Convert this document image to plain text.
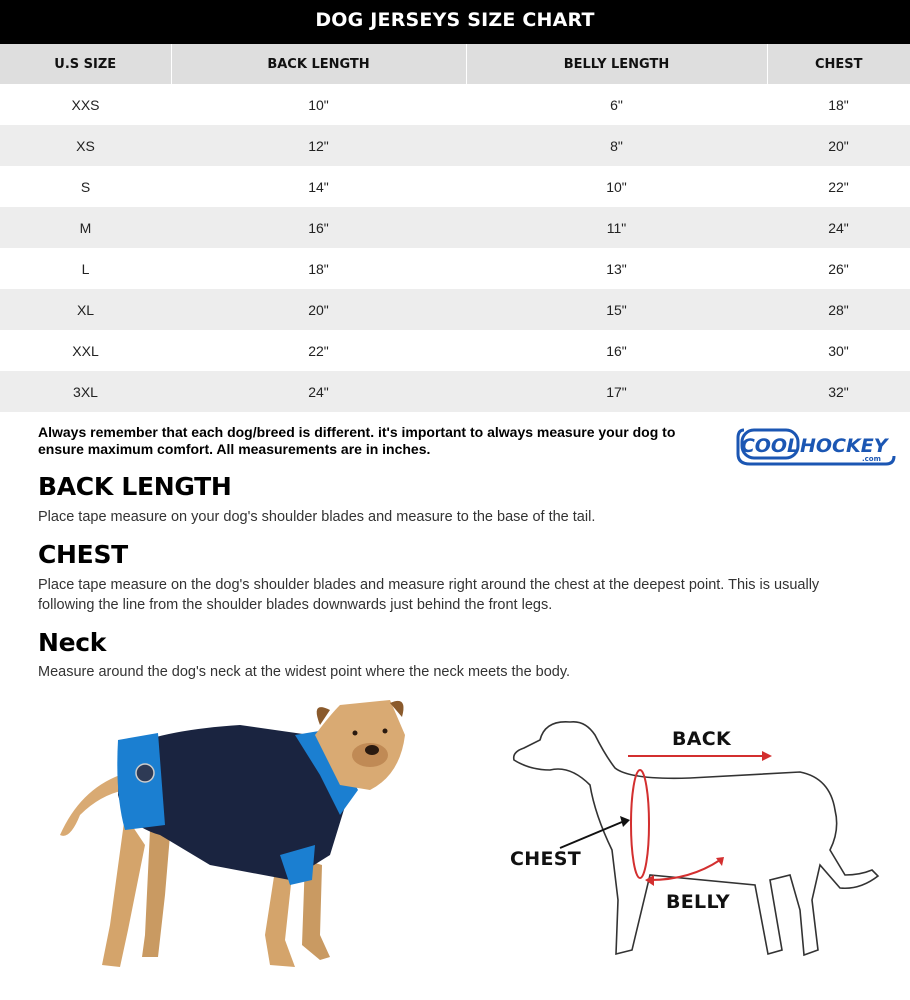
DOG JERSEYS SIZE CHART
U.S SIZE	BACK LENGTH	BELLY LENGTH	CHEST
XXS	10"	6"	18"
XS	12"	8"	20"
S	14"	10"	22"
M	16"	11"	24"
L	18"	13"	26"
XL	20"	15"	28"
XXL	22"	16"	30"
3XL	24"	17"	32"
Always remember that each dog/breed is different. it's important to always measure your dog to ensure maximum comfort. All measurements are in inches.	COOL HOCKEY
.com
BACK LENGTH

Place tape measure on your dog's shoulder blades and measure to the base of the tail.

CHEST

Place tape measure on the dog's shoulder blades and measure right around the chest at the deepest point. This is usually following the line from the shoulder blades downwards just behind the front legs.

Neck

Measure around the dog's neck at the widest point where the neck meets the body.

BACK
CHEST
BELLY
